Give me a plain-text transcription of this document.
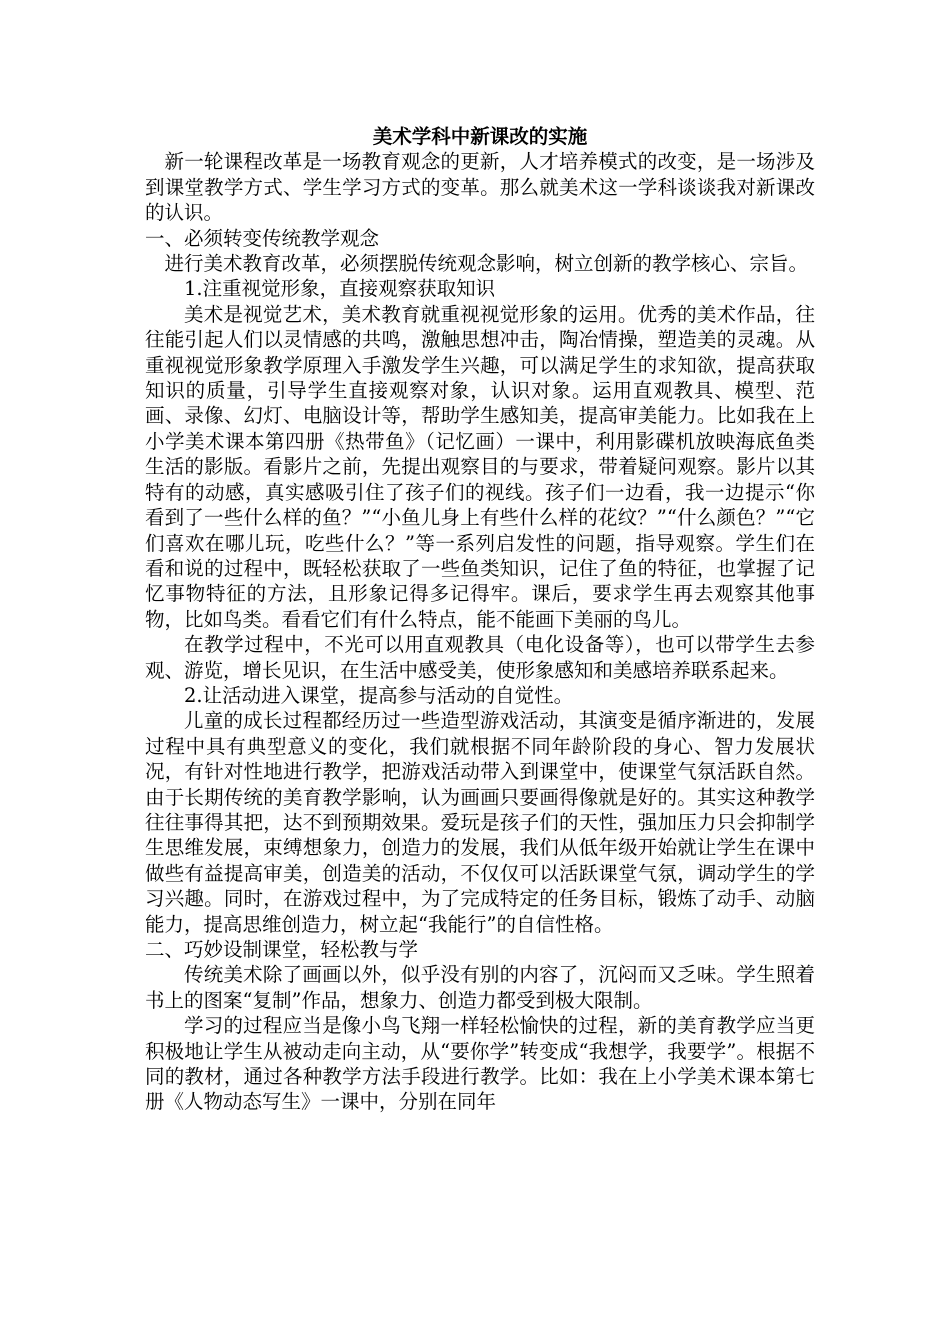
美术学科中新课改的实施

新一轮课程改革是一场教育观念的更新，人才培养模式的改变，是一场涉及到课堂教学方式、学生学习方式的变革。那么就美术这一学科谈谈我对新课改的认识。

一、必须转变传统教学观念

进行美术教育改革，必须摆脱传统观念影响，树立创新的教学核心、宗旨。

1.注重视觉形象，直接观察获取知识

美术是视觉艺术，美术教育就重视视觉形象的运用。优秀的美术作品，往往能引起人们以灵情感的共鸣，激触思想冲击，陶冶情操，塑造美的灵魂。从重视视觉形象教学原理入手激发学生兴趣，可以满足学生的求知欲，提高获取知识的质量，引导学生直接观察对象，认识对象。运用直观教具、模型、范画、录像、幻灯、电脑设计等，帮助学生感知美，提高审美能力。比如我在上小学美术课本第四册《热带鱼》（记忆画）一课中，利用影碟机放映海底鱼类生活的影版。看影片之前，先提出观察目的与要求，带着疑问观察。影片以其特有的动感，真实感吸引住了孩子们的视线。孩子们一边看，我一边提示“你看到了一些什么样的鱼？”“小鱼儿身上有些什么样的花纹？”“什么颜色？”“它们喜欢在哪儿玩，吃些什么？”等一系列启发性的问题，指导观察。学生们在看和说的过程中，既轻松获取了一些鱼类知识，记住了鱼的特征，也掌握了记忆事物特征的方法，且形象记得多记得牢。课后，要求学生再去观察其他事物，比如鸟类。看看它们有什么特点，能不能画下美丽的鸟儿。

在教学过程中，不光可以用直观教具（电化设备等），也可以带学生去参观、游览，增长见识，在生活中感受美，使形象感知和美感培养联系起来。

2.让活动进入课堂，提高参与活动的自觉性。

儿童的成长过程都经历过一些造型游戏活动，其演变是循序渐进的，发展过程中具有典型意义的变化，我们就根据不同年龄阶段的身心、智力发展状况，有针对性地进行教学，把游戏活动带入到课堂中，使课堂气氛活跃自然。由于长期传统的美育教学影响，认为画画只要画得像就是好的。其实这种教学往往事得其把，达不到预期效果。爱玩是孩子们的天性，强加压力只会抑制学生思维发展，束缚想象力，创造力的发展，我们从低年级开始就让学生在课中做些有益提高审美，创造美的活动，不仅仅可以活跃课堂气氛，调动学生的学习兴趣。同时，在游戏过程中，为了完成特定的任务目标，锻炼了动手、动脑能力，提高思维创造力，树立起“我能行”的自信性格。

二、巧妙设制课堂，轻松教与学

传统美术除了画画以外，似乎没有别的内容了，沉闷而又乏味。学生照着书上的图案“复制”作品，想象力、创造力都受到极大限制。

学习的过程应当是像小鸟飞翔一样轻松愉快的过程，新的美育教学应当更积极地让学生从被动走向主动，从“要你学”转变成“我想学，我要学”。根据不同的教材，通过各种教学方法手段进行教学。比如：我在上小学美术课本第七册《人物动态写生》一课中，分别在同年
